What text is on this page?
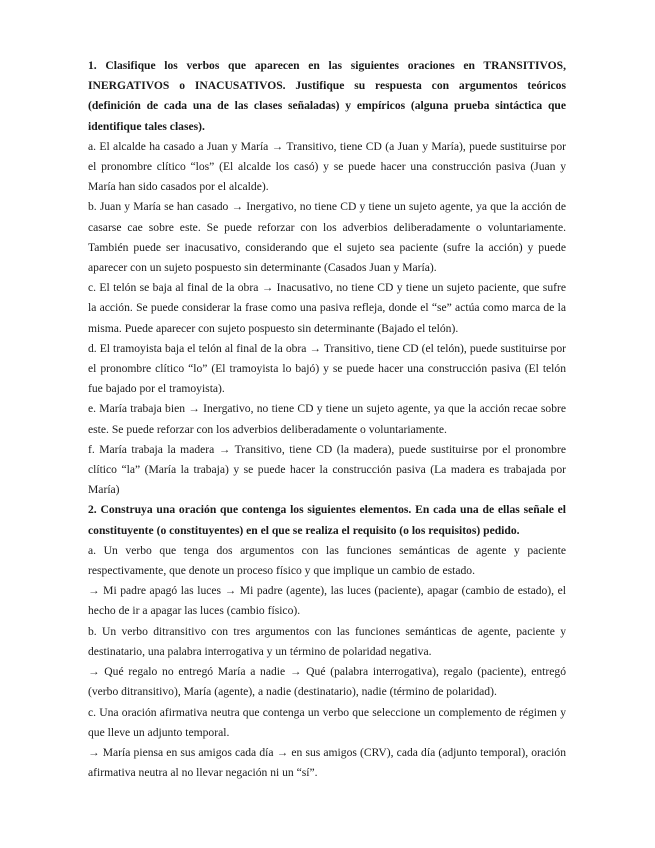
1. Clasifique los verbos que aparecen en las siguientes oraciones en TRANSITIVOS, INERGATIVOS o INACUSATIVOS. Justifique su respuesta con argumentos teóricos (definición de cada una de las clases señaladas) y empíricos (alguna prueba sintáctica que identifique tales clases).

a. El alcalde ha casado a Juan y María → Transitivo, tiene CD (a Juan y María), puede sustituirse por el pronombre clítico “los” (El alcalde los casó) y se puede hacer una construcción pasiva (Juan y María han sido casados por el alcalde).

b. Juan y María se han casado → Inergativo, no tiene CD y tiene un sujeto agente, ya que la acción de casarse cae sobre este. Se puede reforzar con los adverbios deliberadamente o voluntariamente. También puede ser inacusativo, considerando que el sujeto sea paciente (sufre la acción) y puede aparecer con un sujeto pospuesto sin determinante (Casados Juan y María).

c. El telón se baja al final de la obra → Inacusativo, no tiene CD y tiene un sujeto paciente, que sufre la acción. Se puede considerar la frase como una pasiva refleja, donde el “se” actúa como marca de la misma. Puede aparecer con sujeto pospuesto sin determinante (Bajado el telón).

d. El tramoyista baja el telón al final de la obra → Transitivo, tiene CD (el telón), puede sustituirse por el pronombre clítico “lo” (El tramoyista lo bajó) y se puede hacer una construcción pasiva (El telón fue bajado por el tramoyista).

e. María trabaja bien → Inergativo, no tiene CD y tiene un sujeto agente, ya que la acción recae sobre este. Se puede reforzar con los adverbios deliberadamente o voluntariamente.

f. María trabaja la madera → Transitivo, tiene CD (la madera), puede sustituirse por el pronombre clítico “la” (María la trabaja) y se puede hacer la construcción pasiva (La madera es trabajada por María)

2. Construya una oración que contenga los siguientes elementos. En cada una de ellas señale el constituyente (o constituyentes) en el que se realiza el requisito (o los requisitos) pedido.

a. Un verbo que tenga dos argumentos con las funciones semánticas de agente y paciente respectivamente, que denote un proceso físico y que implique un cambio de estado.

→ Mi padre apagó las luces → Mi padre (agente), las luces (paciente), apagar (cambio de estado), el hecho de ir a apagar las luces (cambio físico).

b. Un verbo ditransitivo con tres argumentos con las funciones semánticas de agente, paciente y destinatario, una palabra interrogativa y un término de polaridad negativa.

→ Qué regalo no entregó María a nadie → Qué (palabra interrogativa), regalo (paciente), entregó (verbo ditransitivo), María (agente), a nadie (destinatario), nadie (término de polaridad).

c. Una oración afirmativa neutra que contenga un verbo que seleccione un complemento de régimen y que lleve un adjunto temporal.

→ María piensa en sus amigos cada día → en sus amigos (CRV), cada día (adjunto temporal), oración afirmativa neutra al no llevar negación ni un “sí”.
